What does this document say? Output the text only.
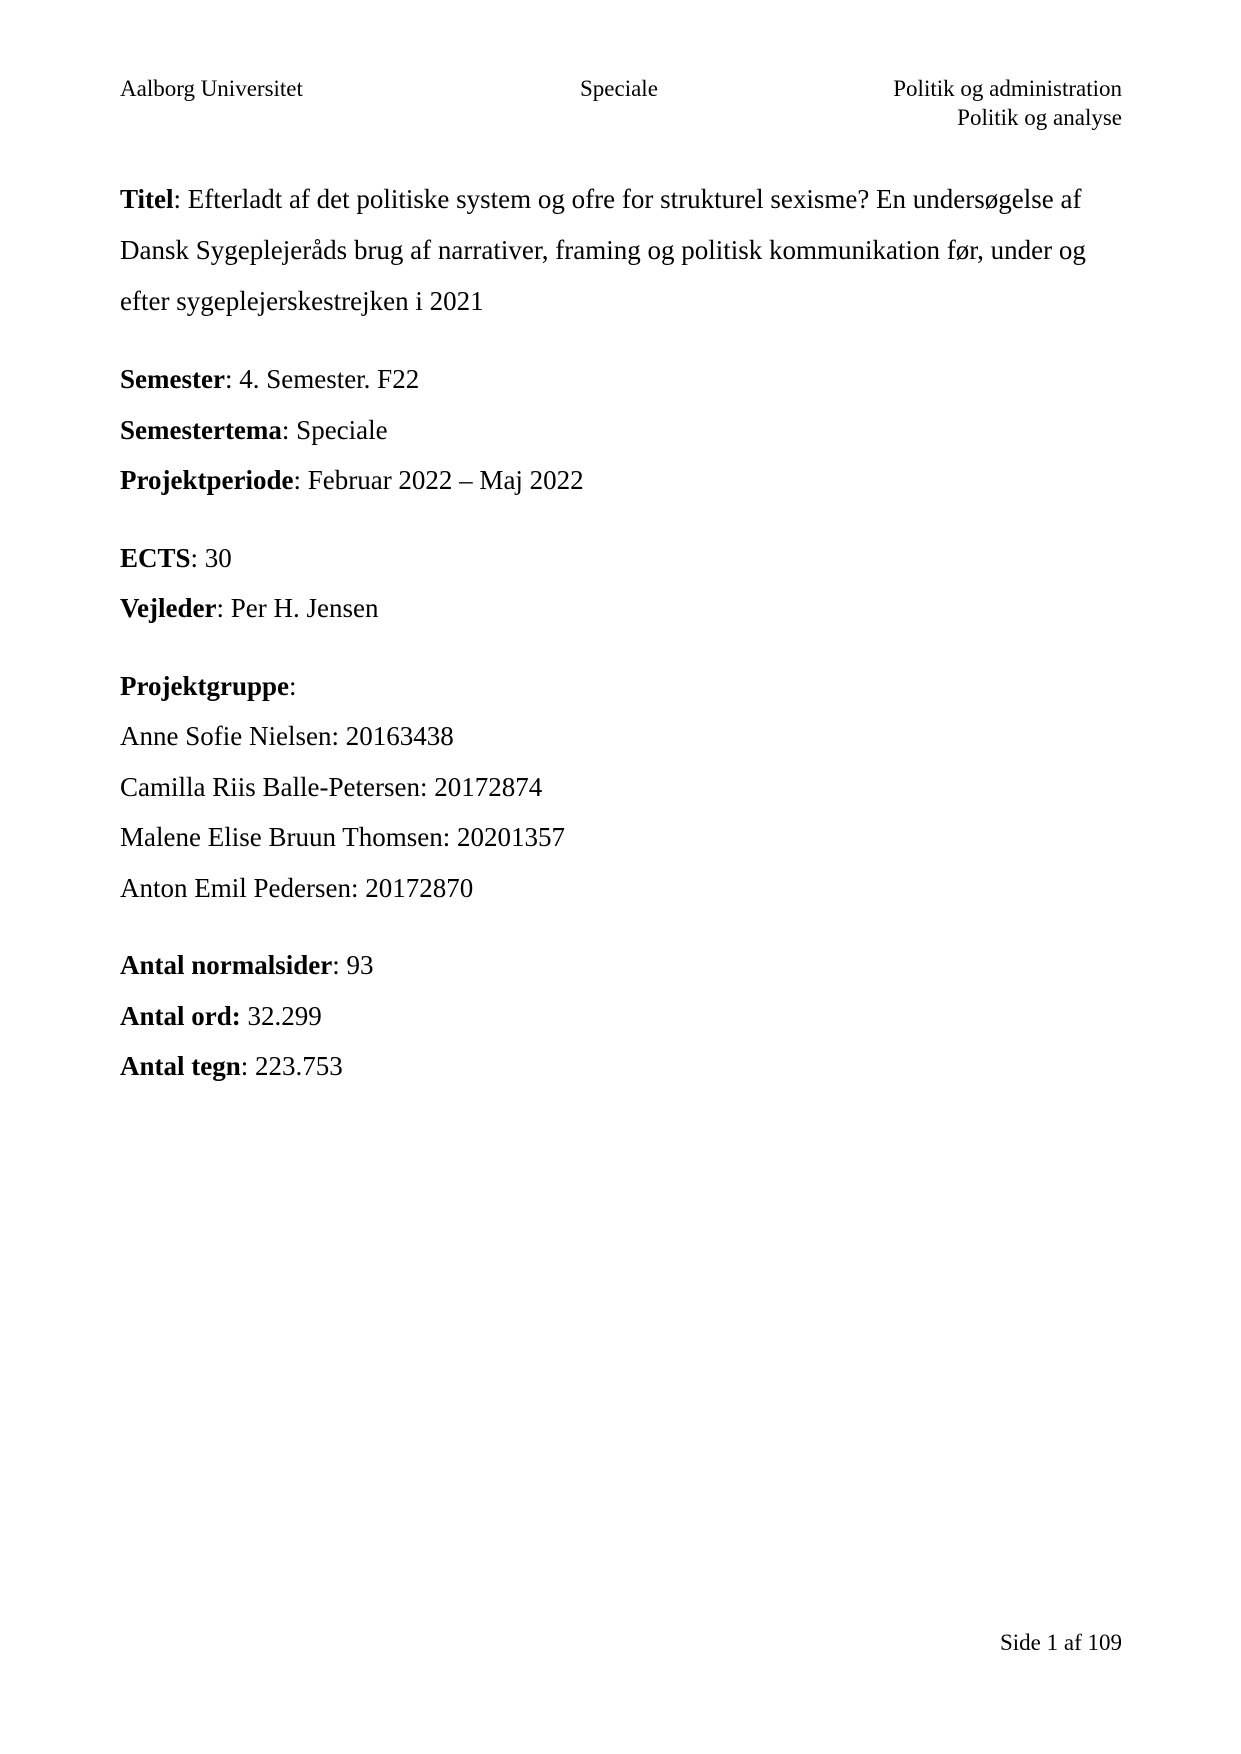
Aalborg Universitet	Speciale	Politik og administration
Politik og analyse

Titel: Efterladt af det politiske system og ofre for strukturel sexisme? En undersøgelse af Dansk Sygeplejeråds brug af narrativer, framing og politisk kommunikation før, under og efter sygeplejerskestrejken i 2021

Semester: 4. Semester. F22
Semestertema: Speciale
Projektperiode: Februar 2022 – Maj 2022
ECTS: 30
Vejleder: Per H. Jensen
Projektgruppe:
Anne Sofie Nielsen: 20163438
Camilla Riis Balle-Petersen: 20172874
Malene Elise Bruun Thomsen: 20201357
Anton Emil Pedersen: 20172870
Antal normalsider: 93
Antal ord: 32.299
Antal tegn: 223.753
Side 1 af 109
